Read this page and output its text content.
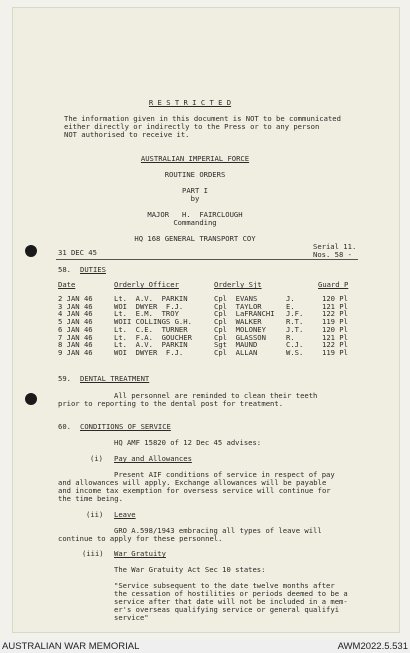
R E S T R I C T E D
The information given in this document is NOT to be communicated
either directly or indirectly to the Press or to any person
NOT authorised to receive it.
AUSTRALIAN IMPERIAL FORCE
ROUTINE ORDERS
PART I
by
MAJOR   H.  FAIRCLOUGH
Commanding
HQ 168 GENERAL TRANSPORT COY
31 DEC 45
Serial 11.
Nos. 58 -
58. DUTIES
Date	Orderly Officer	Orderly Sjt	Guard P

2 JAN 46	Lt.  A.V.  PARKIN	Cpl  EVANS	J.	120 Pl

3 JAN 46	WOI  DWYER  F.J.	Cpl  TAYLOR	E.	121 Pl

4 JAN 46	Lt.  E.M.  TROY	Cpl  LaFRANCHI J.F.	122 Pl

5 JAN 46	WOII COLLINGS G.H.	Cpl  WALKER	R.T.	119 Pl

6 JAN 46	Lt.  C.E.  TURNER	Cpl  MOLONEY	J.T.	120 Pl

7 JAN 46	Lt.  F.A.  GOUCHER	Cpl  GLASSON	R.	121 Pl

8 JAN 46	Lt.  A.V.  PARKIN	Sgt  MAUND	C.J.	122 Pl

9 JAN 46	WOI  DWYER  F.J.	Cpl  ALLAN	W.S.	119 Pl

59. DENTAL TREATMENT
All personnel are reminded to clean their teeth
prior to reporting to the dental post for treatment.
60. CONDITIONS OF SERVICE
HQ AMF 15820 of 12 Dec 45 advises:
(i) Pay and Allowances
Present AIF conditions of service in respect of pay
and allowances will apply. Exchange allowances will be payable
and income tax exemption for oversess service will continue for
the time being.
(ii) Leave
GRO A.598/1943 embracing all types of leave will
continue to apply for these personnel.
(iii) War Gratuity
The War Gratuity Act Sec 10 states:
"Service subsequent to the date twelve months after
the cessation of hostilities or periods deemed to be a
service after that date will not be included in a mem-
er's overseas qualifying service or general qualifyi
service"
AUSTRALIAN WAR MEMORIAL	AWM2022.5.531
